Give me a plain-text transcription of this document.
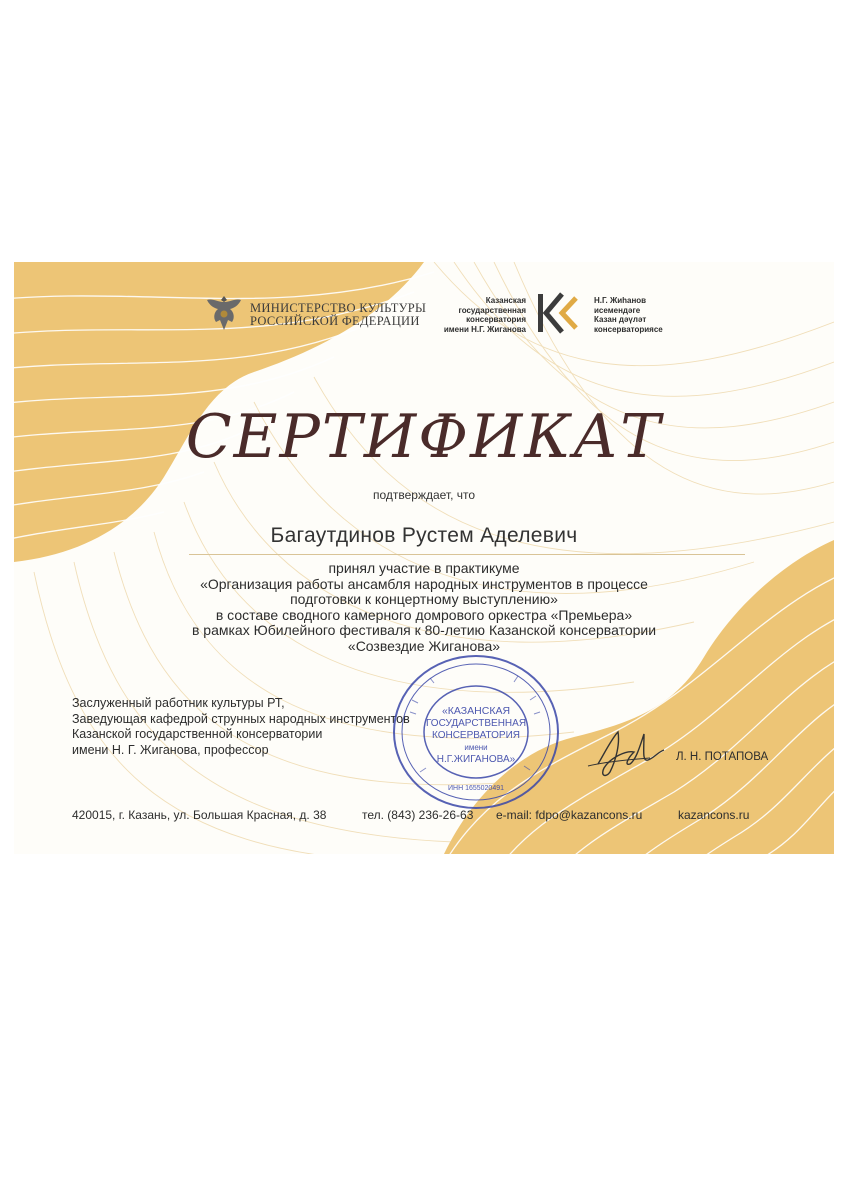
МИНИСТЕРСТВО КУЛЬТУРЫ
РОССИЙСКОЙ ФЕДЕРАЦИИ
Казанская
государственная
консерватория
имени Н.Г. Жиганова
Н.Г. Жиһанов
исемендәге
Казан дәүләт
консерваториясе
СЕРТИФИКАТ
подтверждает, что
Багаутдинов Рустем Аделевич
принял участие в практикуме
«Организация работы ансамбля народных инструментов в процессе
подготовки к концертному выступлению»
в составе сводного камерного домрового оркестра «Премьера»
в рамках Юбилейного фестиваля к 80-летию Казанской консерватории
«Созвездие Жиганова»
Заслуженный работник культуры РТ,
Заведующая кафедрой струнных народных инструментов
Казанской государственной консерватории
имени Н. Г. Жиганова, профессор
«КАЗАНСКАЯ
ГОСУДАРСТВЕННАЯ
КОНСЕРВАТОРИЯ
имени
Н.Г.ЖИГАНОВА»
ИНН 1655020491
Л. Н. ПОТАПОВА
420015, г. Казань, ул. Большая Красная, д. 38	тел. (843) 236-26-63 e-mail: fdpo@kazancons.ru	kazancons.ru
